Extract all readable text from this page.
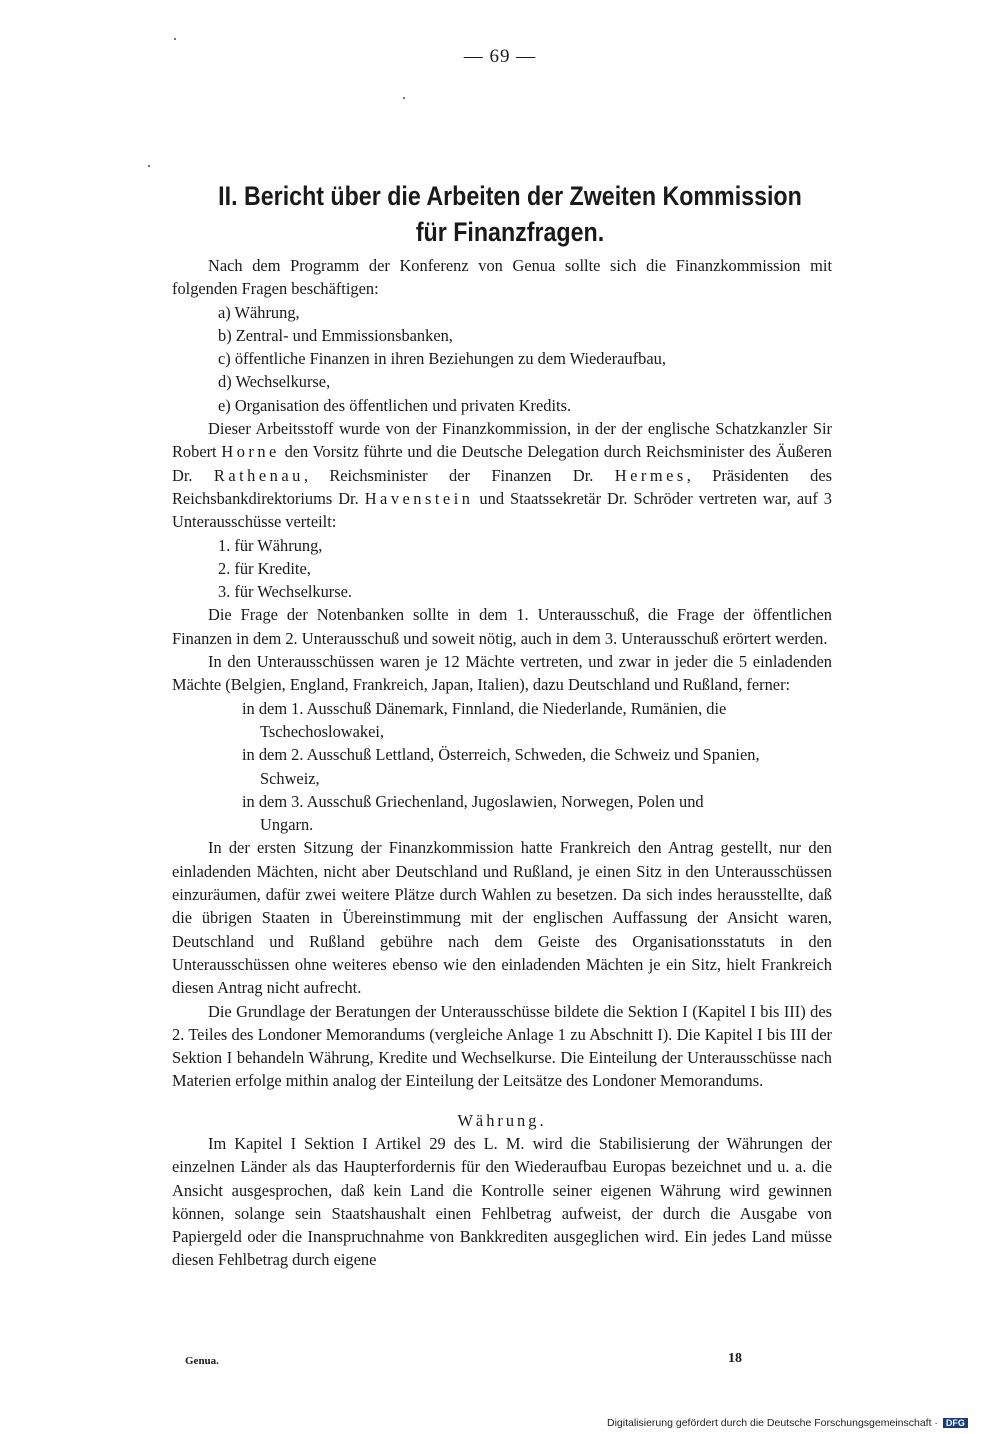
— 69 —
II. Bericht über die Arbeiten der Zweiten Kommission
für Finanzfragen.

Nach dem Programm der Konferenz von Genua sollte sich die Finanzkommission mit folgenden Fragen beschäftigen:

a) Währung,

b) Zentral- und Emmissionsbanken,

c) öffentliche Finanzen in ihren Beziehungen zu dem Wiederaufbau,

d) Wechselkurse,

e) Organisation des öffentlichen und privaten Kredits.

Dieser Arbeitsstoff wurde von der Finanzkommission, in der der englische Schatzkanzler Sir Robert Horne den Vorsitz führte und die Deutsche Delegation durch Reichsminister des Äußeren Dr. Rathenau, Reichsminister der Finanzen Dr. Hermes, Präsidenten des Reichsbankdirektoriums Dr. Havenstein und Staatssekretär Dr. Schröder vertreten war, auf 3 Unterausschüsse verteilt:

1. für Währung,

2. für Kredite,

3. für Wechselkurse.

Die Frage der Notenbanken sollte in dem 1. Unterausschuß, die Frage der öffentlichen Finanzen in dem 2. Unterausschuß und soweit nötig, auch in dem 3. Unterausschuß erörtert werden.

In den Unterausschüssen waren je 12 Mächte vertreten, und zwar in jeder die 5 einladenden Mächte (Belgien, England, Frankreich, Japan, Italien), dazu Deutschland und Rußland, ferner:

in dem 1. Ausschuß Dänemark, Finnland, die Niederlande, Rumänien, die
Tschechoslowakei,

in dem 2. Ausschuß Lettland, Österreich, Schweden, die Schweiz und Spanien,
Schweiz,

in dem 3. Ausschuß Griechenland, Jugoslawien, Norwegen, Polen und
Ungarn.

In der ersten Sitzung der Finanzkommission hatte Frankreich den Antrag gestellt, nur den einladenden Mächten, nicht aber Deutschland und Rußland, je einen Sitz in den Unterausschüssen einzuräumen, dafür zwei weitere Plätze durch Wahlen zu besetzen. Da sich indes herausstellte, daß die übrigen Staaten in Übereinstimmung mit der englischen Auffassung der Ansicht waren, Deutschland und Rußland gebühre nach dem Geiste des Organisationsstatuts in den Unterausschüssen ohne weiteres ebenso wie den einladenden Mächten je ein Sitz, hielt Frankreich diesen Antrag nicht aufrecht.

Die Grundlage der Beratungen der Unterausschüsse bildete die Sektion I (Kapitel I bis III) des 2. Teiles des Londoner Memorandums (vergleiche Anlage 1 zu Abschnitt I). Die Kapitel I bis III der Sektion I behandeln Währung, Kredite und Wechselkurse. Die Einteilung der Unterausschüsse nach Materien erfolge mithin analog der Einteilung der Leitsätze des Londoner Memorandums.

Währung.

Im Kapitel I Sektion I Artikel 29 des L. M. wird die Stabilisierung der Währungen der einzelnen Länder als das Haupterfordernis für den Wiederaufbau Europas bezeichnet und u. a. die Ansicht ausgesprochen, daß kein Land die Kontrolle seiner eigenen Währung wird gewinnen können, solange sein Staatshaushalt einen Fehlbetrag aufweist, der durch die Ausgabe von Papiergeld oder die Inanspruchnahme von Bankkrediten ausgeglichen wird. Ein jedes Land müsse diesen Fehlbetrag durch eigene

Genua.	18
Digitalisierung gefördert durch die Deutsche Forschungsgemeinschaft · DFG
